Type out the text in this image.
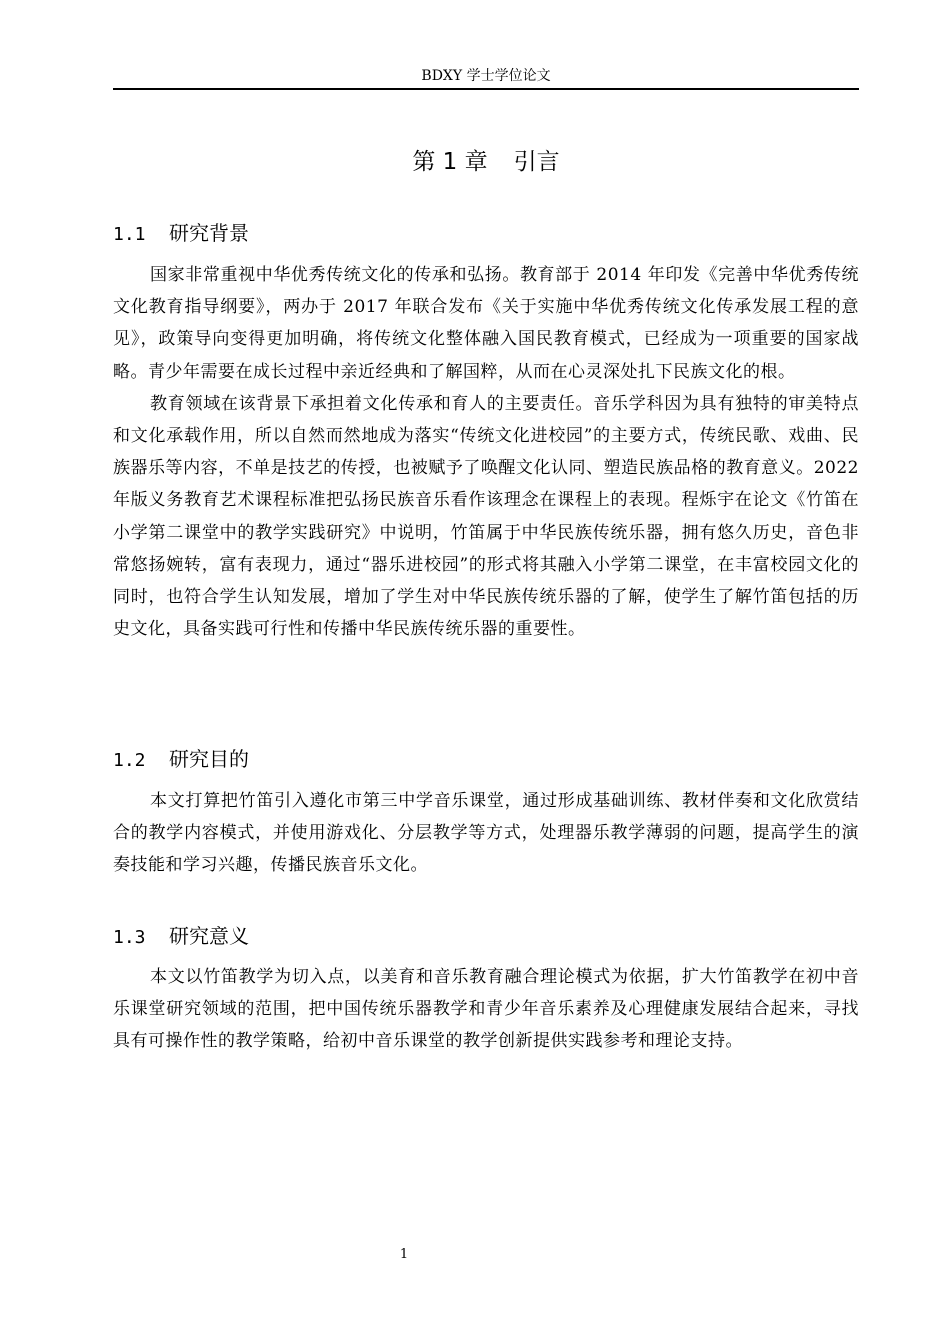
BDXY 学士学位论文
第 1 章 引言
1.1 研究背景

国家非常重视中华优秀传统文化的传承和弘扬。教育部于 2014 年印发《完善中华优秀传统文化教育指导纲要》，两办于 2017 年联合发布《关于实施中华优秀传统文化传承发展工程的意见》，政策导向变得更加明确，将传统文化整体融入国民教育模式，已经成为一项重要的国家战略。青少年需要在成长过程中亲近经典和了解国粹，从而在心灵深处扎下民族文化的根。

教育领域在该背景下承担着文化传承和育人的主要责任。音乐学科因为具有独特的审美特点和文化承载作用，所以自然而然地成为落实“传统文化进校园”的主要方式，传统民歌、戏曲、民族器乐等内容，不单是技艺的传授，也被赋予了唤醒文化认同、塑造民族品格的教育意义。2022 年版义务教育艺术课程标准把弘扬民族音乐看作该理念在课程上的表现。程烁宇在论文《竹笛在小学第二课堂中的教学实践研究》中说明，竹笛属于中华民族传统乐器，拥有悠久历史，音色非常悠扬婉转，富有表现力，通过“器乐进校园”的形式将其融入小学第二课堂，在丰富校园文化的同时，也符合学生认知发展，增加了学生对中华民族传统乐器的了解，使学生了解竹笛包括的历史文化，具备实践可行性和传播中华民族传统乐器的重要性。

1.2 研究目的

本文打算把竹笛引入遵化市第三中学音乐课堂，通过形成基础训练、教材伴奏和文化欣赏结合的教学内容模式，并使用游戏化、分层教学等方式，处理器乐教学薄弱的问题，提高学生的演奏技能和学习兴趣，传播民族音乐文化。

1.3 研究意义

本文以竹笛教学为切入点，以美育和音乐教育融合理论模式为依据，扩大竹笛教学在初中音乐课堂研究领域的范围，把中国传统乐器教学和青少年音乐素养及心理健康发展结合起来，寻找具有可操作性的教学策略，给初中音乐课堂的教学创新提供实践参考和理论支持。

1
